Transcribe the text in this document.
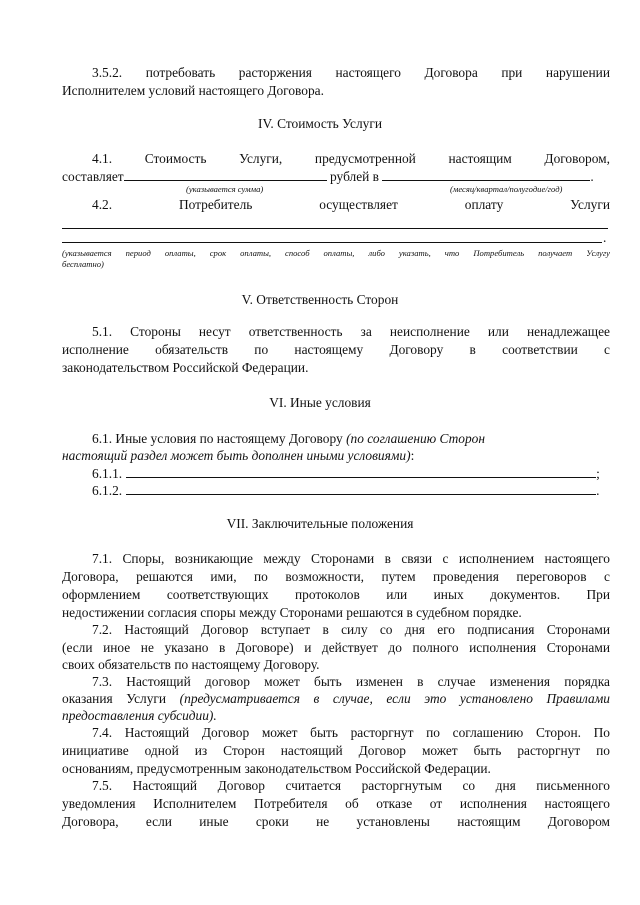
3.5.2. потребовать расторжения настоящего Договора при нарушении
Исполнителем условий настоящего Договора.
IV. Стоимость Услуги
4.1. Стоимость Услуги, предусмотренной настоящим Договором,
составляет	рублей в	.
(указывается сумма)	(месяц/квартал/полугодие/год)
4.2. Потребитель осуществляет оплату Услуги
.
(указывается период оплаты, срок оплаты, способ оплаты, либо указать, что Потребитель получает Услугу
бесплатно)
V. Ответственность Сторон
5.1. Стороны несут ответственность за неисполнение или ненадлежащее
исполнение обязательств по настоящему Договору в соответствии с
законодательством Российской Федерации.
VI. Иные условия
6.1. Иные условия по настоящему Договору (по соглашению Сторон
настоящий раздел может быть дополнен иными условиями):
6.1.1.	;
6.1.2.	.
VII. Заключительные положения
7.1. Споры, возникающие между Сторонами в связи с исполнением настоящего
Договора, решаются ими, по возможности, путем проведения переговоров с
оформлением соответствующих протоколов или иных документов. При
недостижении согласия споры между Сторонами решаются в судебном порядке.
7.2. Настоящий Договор вступает в силу со дня его подписания Сторонами
(если иное не указано в Договоре) и действует до полного исполнения Сторонами
своих обязательств по настоящему Договору.
7.3. Настоящий договор может быть изменен в случае изменения порядка
оказания Услуги (предусматривается в случае, если это установлено Правилами
предоставления субсидии).
7.4. Настоящий Договор может быть расторгнут по соглашению Сторон. По
инициативе одной из Сторон настоящий Договор может быть расторгнут по
основаниям, предусмотренным законодательством Российской Федерации.
7.5. Настоящий Договор считается расторгнутым со дня письменного
уведомления Исполнителем Потребителя об отказе от исполнения настоящего
Договора, если иные сроки не установлены настоящим Договором
